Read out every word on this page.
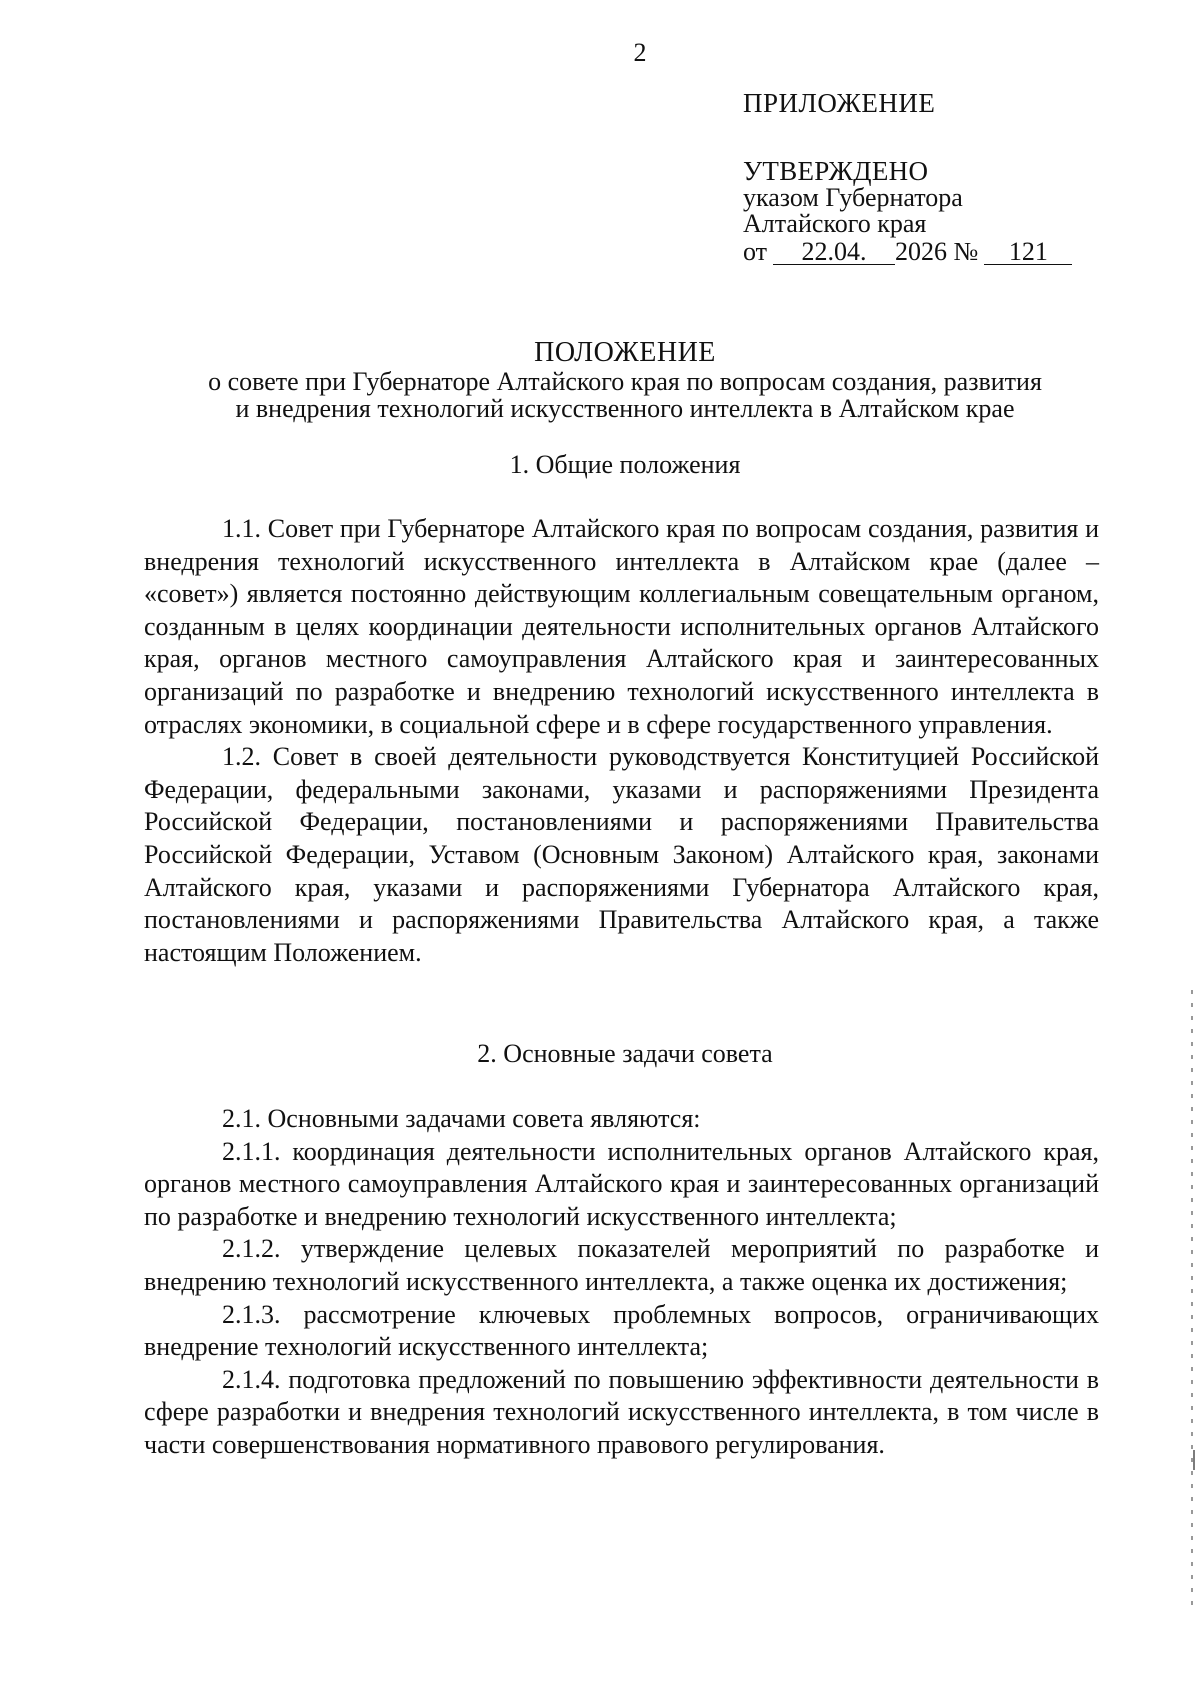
2
ПРИЛОЖЕНИЕ
УТВЕРЖДЕНО
указом Губернатора
Алтайского края
от 22.04. 2026 № 121
ПОЛОЖЕНИЕ
о совете при Губернаторе Алтайского края по вопросам создания, развития
и внедрения технологий искусственного интеллекта в Алтайском крае
1. Общие положения

1.1. Совет при Губернаторе Алтайского края по вопросам создания, развития и внедрения технологий искусственного интеллекта в Алтайском крае (далее – «совет») является постоянно действующим коллегиальным совещательным органом, созданным в целях координации деятельности исполнительных органов Алтайского края, органов местного самоуправления Алтайского края и заинтересованных организаций по разработке и внедрению технологий искусственного интеллекта в отраслях экономики, в социальной сфере и в сфере государственного управления.

1.2. Совет в своей деятельности руководствуется Конституцией Российской Федерации, федеральными законами, указами и распоряжениями Президента Российской Федерации, постановлениями и распоряжениями Правительства Российской Федерации, Уставом (Основным Законом) Алтайского края, законами Алтайского края, указами и распоряжениями Губернатора Алтайского края, постановлениями и распоряжениями Правительства Алтайского края, а также настоящим Положением.

2. Основные задачи совета

2.1. Основными задачами совета являются:

2.1.1. координация деятельности исполнительных органов Алтайского края, органов местного самоуправления Алтайского края и заинтересованных организаций по разработке и внедрению технологий искусственного интеллекта;

2.1.2. утверждение целевых показателей мероприятий по разработке и внедрению технологий искусственного интеллекта, а также оценка их достижения;

2.1.3. рассмотрение ключевых проблемных вопросов, ограничивающих внедрение технологий искусственного интеллекта;

2.1.4. подготовка предложений по повышению эффективности деятельности в сфере разработки и внедрения технологий искусственного интеллекта, в том числе в части совершенствования нормативного правового регулирования.
